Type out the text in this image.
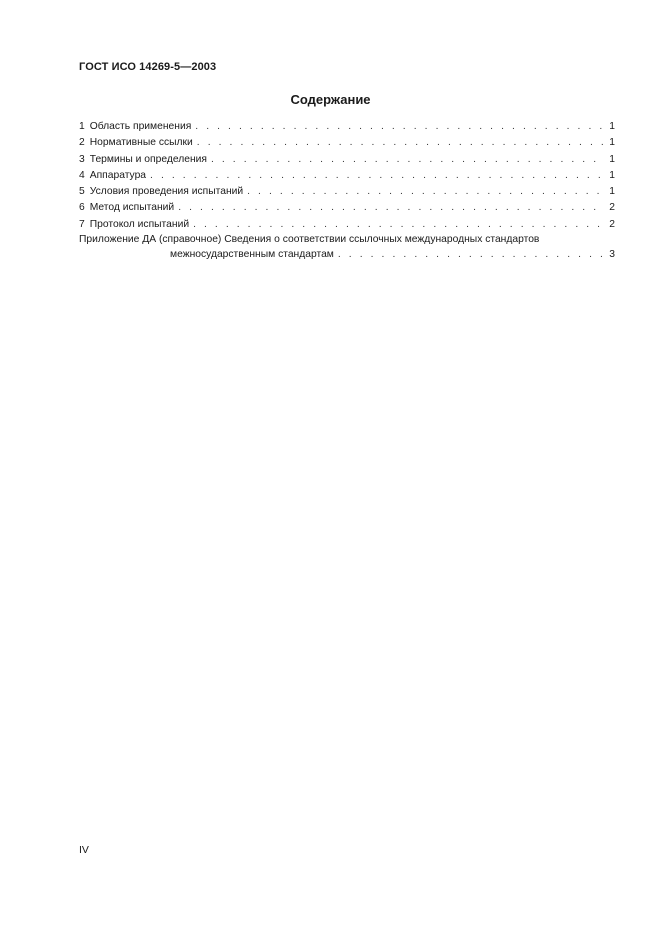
ГОСТ ИСО 14269-5—2003
Содержание
1 Область применения . . .	1
2 Нормативные ссылки . . .	1
3 Термины и определения . . .	1
4 Аппаратура . . .	1
5 Условия проведения испытаний . . .	1
6 Метод испытаний . . .	2
7 Протокол испытаний . . .	2
Приложение ДА (справочное) Сведения о соответствии ссылочных международных стандартов
межносударственным стандартам . . .	3
IV
